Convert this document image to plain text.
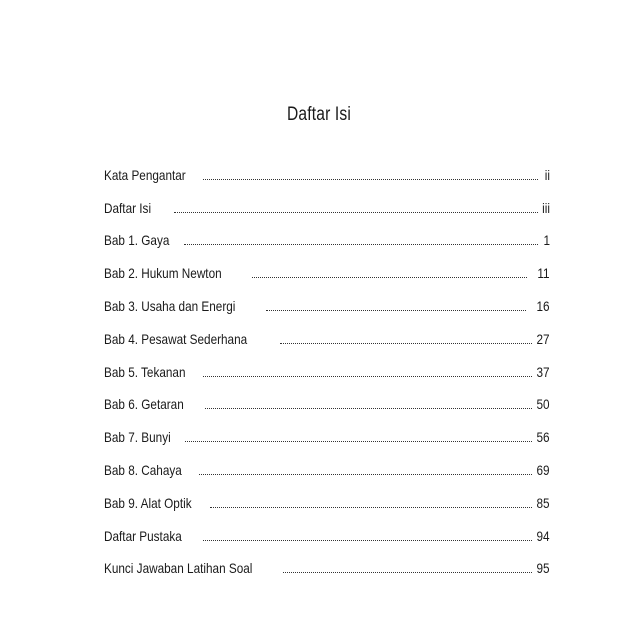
Daftar Isi
Kata Pengantar	ii
Daftar Isi	iii
Bab 1. Gaya	1
Bab 2. Hukum Newton	11
Bab 3. Usaha dan Energi	16
Bab 4. Pesawat Sederhana	27
Bab 5. Tekanan	37
Bab 6. Getaran	50
Bab 7. Bunyi	56
Bab 8. Cahaya	69
Bab 9. Alat Optik	85
Daftar Pustaka	94
Kunci Jawaban Latihan Soal	95
